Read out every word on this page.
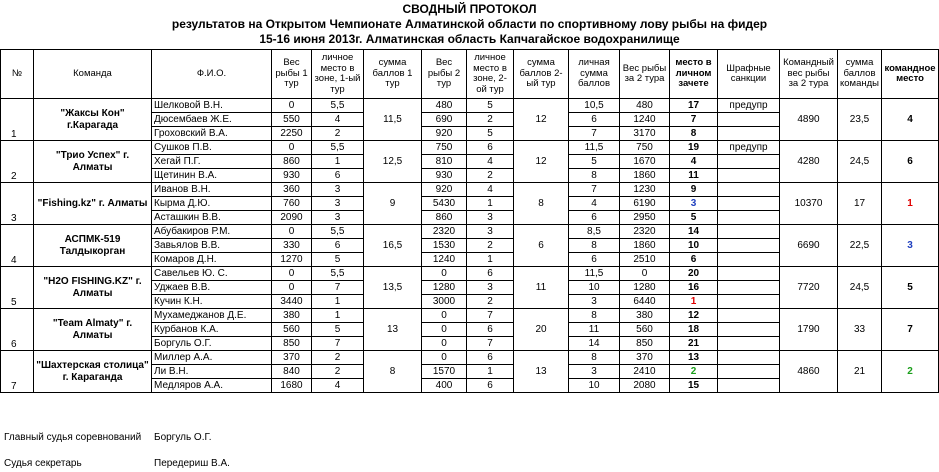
СВОДНЫЙ ПРОТОКОЛ
результатов на Открытом Чемпионате Алматинской области по спортивному лову рыбы на фидер
15-16 июня 2013г. Алматинская область Капчагайское водохранилище
№	Команда	Ф.И.О.	Вес рыбы 1 тур	личное место в зоне, 1-ый тур	сумма баллов 1 тур	Вес рыбы 2 тур	личное место в зоне, 2-ой тур	сумма баллов 2-ый тур	личная сумма баллов	Вес рыбы за 2 тура	место в личном зачете	Шрафные санкции	Командный вес рыбы за 2 тура	сумма баллов команды	командное место
1	"Жаксы Кон" г.Карагада	Шелковой В.Н.	0	5,5	11,5	480	5	12	10,5	480	17	предупр	4890	23,5	4
		Дюсембаев Ж.Е.	550	4		690	2		6	1240	7				
		Гроховский В.А.	2250	2		920	5		7	3170	8				
2	"Трио Успех" г. Алматы	Сушков П.В.	0	5,5	12,5	750	6	12	11,5	750	19	предупр	4280	24,5	6
		Хегай П.Г.	860	1		810	4		5	1670	4				
		Щетинин В.А.	930	6		930	2		8	1860	11				
3	"Fishing.kz" г. Алматы	Иванов В.Н.	360	3	9	920	4	8	7	1230	9		10370	17	1
		Кырма Д.Ю.	760	3		5430	1		4	6190	3				
		Асташкин В.В.	2090	3		860	3		6	2950	5				
4	АСПМК-519 Талдыкорган	Абубакиров Р.М.	0	5,5	16,5	2320	3	6	8,5	2320	14		6690	22,5	3
		Завьялов В.В.	330	6		1530	2		8	1860	10				
		Комаров Д.Н.	1270	5		1240	1		6	2510	6				
5	"H2O FISHING.KZ" г. Алматы	Савельев Ю. С.	0	5,5	13,5	0	6	11	11,5	0	20		7720	24,5	5
		Уджаев В.В.	0	7		1280	3		10	1280	16				
		Кучин К.Н.	3440	1		3000	2		3	6440	1				
6	"Team Almaty" г. Алматы	Мухамеджанов Д.Е.	380	1	13	0	7	20	8	380	12		1790	33	7
		Курбанов К.А.	560	5		0	6		11	560	18				
		Боргуль О.Г.	850	7		0	7		14	850	21				
7	"Шахтерская столица" г. Караганда	Миллер А.А.	370	2	8	0	6	13	8	370	13		4860	21	2
		Ли В.Н.	840	2		1570	1		3	2410	2				
		Медляров А.А.	1680	4		400	6		10	2080	15				
Главный судья соревнований Боргуль О.Г.
Судья секретарь	Передериш В.А.
